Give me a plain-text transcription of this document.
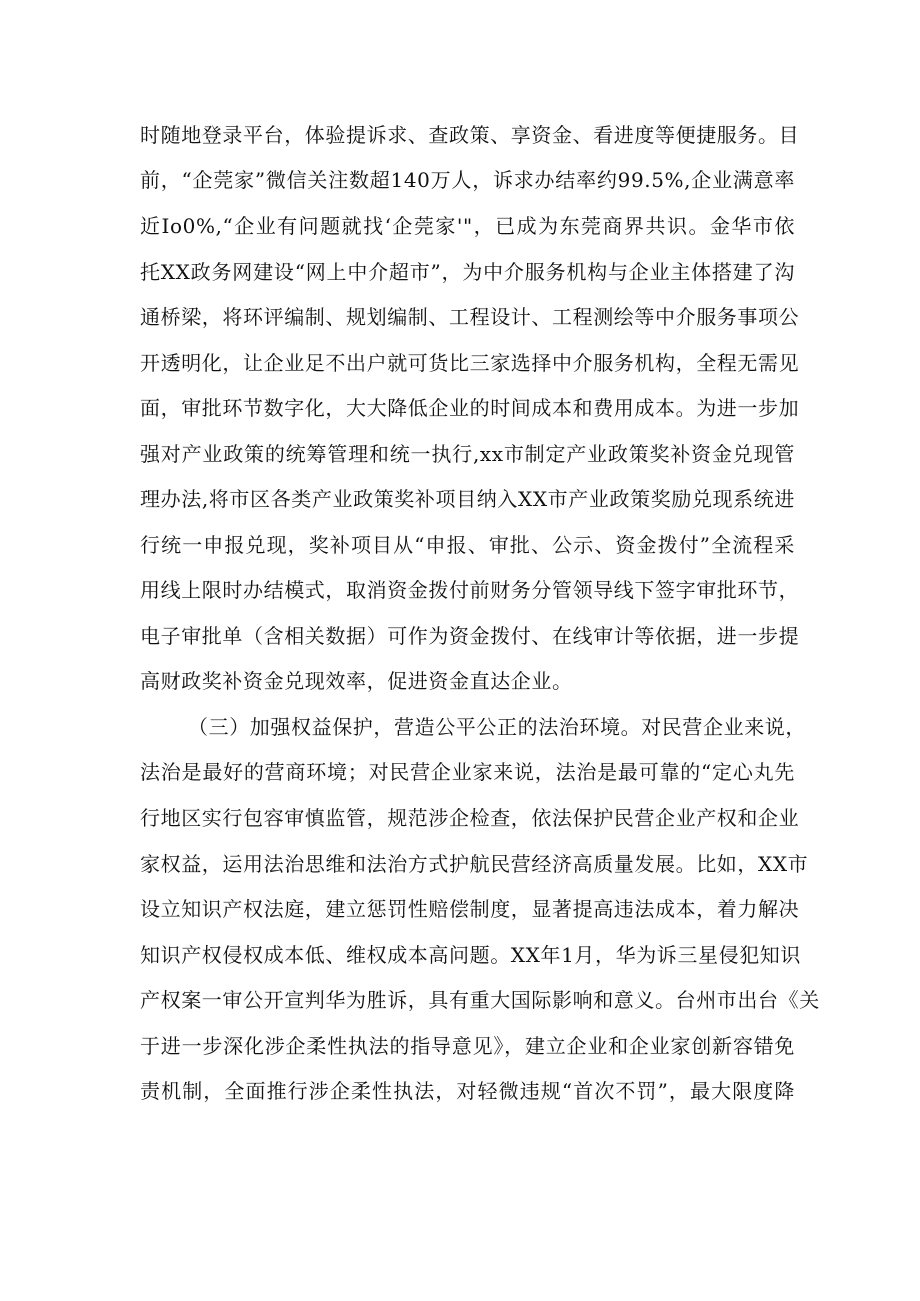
时随地登录平台，体验提诉求、查政策、享资金、看进度等便捷服务。目
前，“企莞家”微信关注数超140万人，诉求办结率约99.5%,企业满意率
近Io0%,“企业有问题就找‘企莞家'"，已成为东莞商界共识。金华市依
托XX政务网建设“网上中介超市”，为中介服务机构与企业主体搭建了沟
通桥梁，将环评编制、规划编制、工程设计、工程测绘等中介服务事项公
开透明化，让企业足不出户就可货比三家选择中介服务机构，全程无需见
面，审批环节数字化，大大降低企业的时间成本和费用成本。为进一步加
强对产业政策的统筹管理和统一执行,xx市制定产业政策奖补资金兑现管
理办法,将市区各类产业政策奖补项目纳入XX市产业政策奖励兑现系统进
行统一申报兑现，奖补项目从“申报、审批、公示、资金拨付”全流程采
用线上限时办结模式，取消资金拨付前财务分管领导线下签字审批环节，
电子审批单（含相关数据）可作为资金拨付、在线审计等依据，进一步提
高财政奖补资金兑现效率，促进资金直达企业。
（三）加强权益保护，营造公平公正的法治环境。对民营企业来说，
法治是最好的营商环境；对民营企业家来说，法治是最可靠的“定心丸先
行地区实行包容审慎监管，规范涉企检查，依法保护民营企业产权和企业
家权益，运用法治思维和法治方式护航民营经济高质量发展。比如，XX市
设立知识产权法庭，建立惩罚性赔偿制度，显著提高违法成本，着力解决
知识产权侵权成本低、维权成本高问题。XX年1月，华为诉三星侵犯知识
产权案一审公开宣判华为胜诉，具有重大国际影响和意义。台州市出台《关
于进一步深化涉企柔性执法的指导意见》，建立企业和企业家创新容错免
责机制，全面推行涉企柔性执法，对轻微违规“首次不罚”，最大限度降
